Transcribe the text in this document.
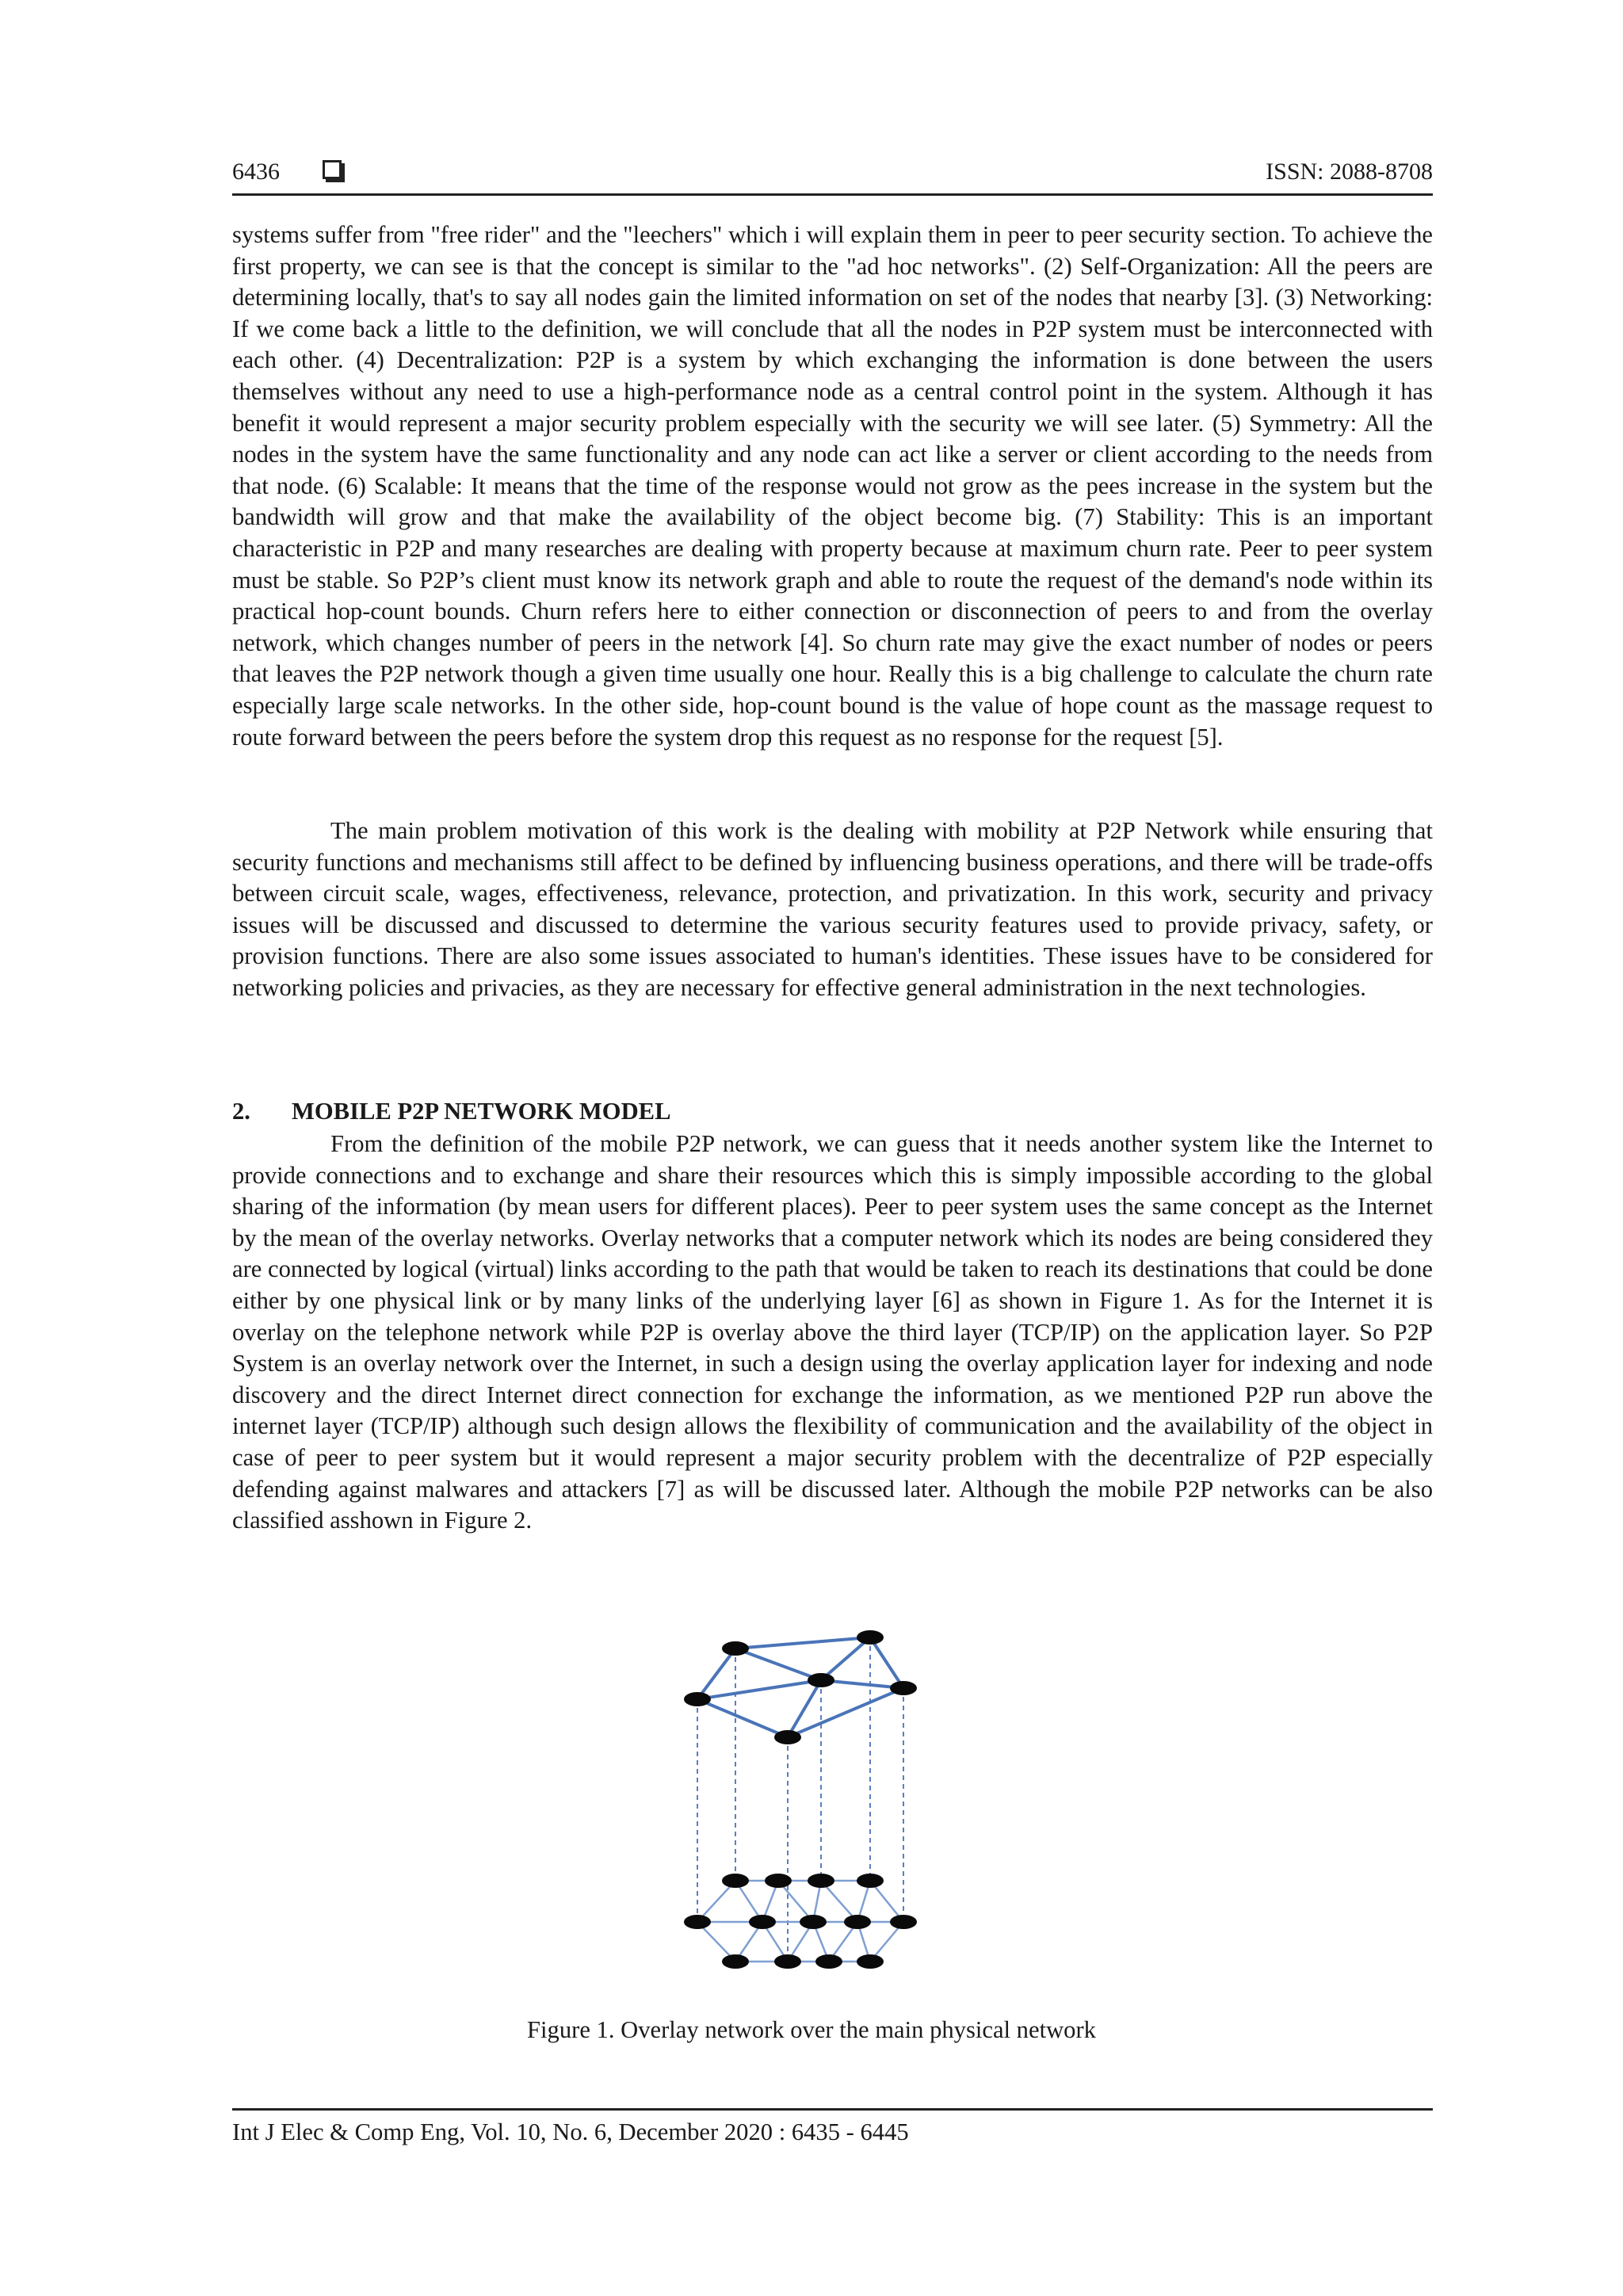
6436	ISSN: 2088-8708

systems suffer from "free rider" and the "leechers" which i will explain them in peer to peer security section. To achieve the first property, we can see is that the concept is similar to the "ad hoc networks". (2) Self-Organization: All the peers are determining locally, that's to say all nodes gain the limited information on set of the nodes that nearby [3]. (3) Networking: If we come back a little to the definition, we will conclude that all the nodes in P2P system must be interconnected with each other. (4) Decentralization: P2P is a system by which exchanging the information is done between the users themselves without any need to use a high-performance node as a central control point in the system. Although it has benefit it would represent a major security problem especially with the security we will see later. (5) Symmetry: All the nodes in the system have the same functionality and any node can act like a server or client according to the needs from that node. (6) Scalable: It means that the time of the response would not grow as the pees increase in the system but the bandwidth will grow and that make the availability of the object become big. (7) Stability: This is an important characteristic in P2P and many researches are dealing with property because at maximum churn rate. Peer to peer system must be stable. So P2P’s client must know its network graph and able to route the request of the demand's node within its practical hop-count bounds. Churn refers here to either connection or disconnection of peers to and from the overlay network, which changes number of peers in the network [4]. So churn rate may give the exact number of nodes or peers that leaves the P2P network though a given time usually one hour. Really this is a big challenge to calculate the churn rate especially large scale networks. In the other side, hop-count bound is the value of hope count as the massage request to route forward between the peers before the system drop this request as no response for the request [5].

The main problem motivation of this work is the dealing with mobility at P2P Network while ensuring that security functions and mechanisms still affect to be defined by influencing business operations, and there will be trade-offs between circuit scale, wages, effectiveness, relevance, protection, and privatization. In this work, security and privacy issues will be discussed and discussed to determine the various security features used to provide privacy, safety, or provision functions. There are also some issues associated to human's identities. These issues have to be considered for networking policies and privacies, as they are necessary for effective general administration in the next technologies.

2. MOBILE P2P NETWORK MODEL

From the definition of the mobile P2P network, we can guess that it needs another system like the Internet to provide connections and to exchange and share their resources which this is simply impossible according to the global sharing of the information (by mean users for different places). Peer to peer system uses the same concept as the Internet by the mean of the overlay networks. Overlay networks that a computer network which its nodes are being considered they are connected by logical (virtual) links according to the path that would be taken to reach its destinations that could be done either by one physical link or by many links of the underlying layer [6] as shown in Figure 1. As for the Internet it is overlay on the telephone network while P2P is overlay above the third layer (TCP/IP) on the application layer. So P2P System is an overlay network over the Internet, in such a design using the overlay application layer for indexing and node discovery and the direct Internet direct connection for exchange the information, as we mentioned P2P run above the internet layer (TCP/IP) although such design allows the flexibility of communication and the availability of the object in case of peer to peer system but it would represent a major security problem with the decentralize of P2P especially defending against malwares and attackers [7] as will be discussed later. Although the mobile P2P networks can be also classified asshown in Figure 2.

Figure 1. Overlay network over the main physical network
Int J Elec & Comp Eng, Vol. 10, No. 6, December 2020 : 6435 - 6445
